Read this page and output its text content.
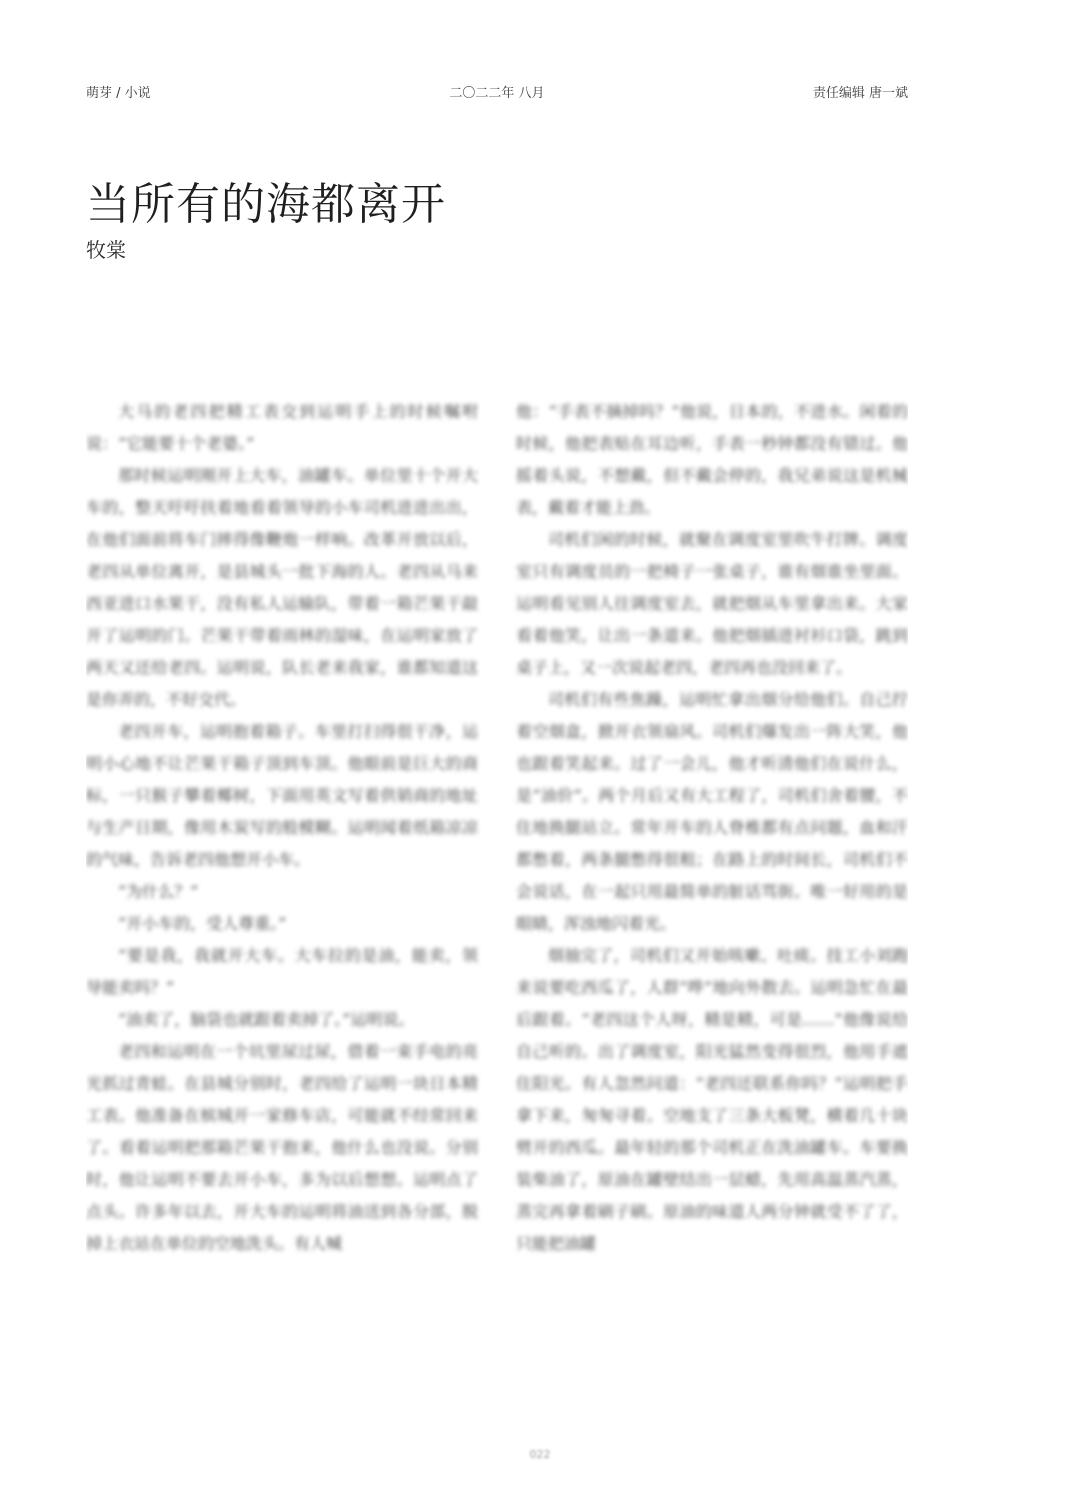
萌芽 / 小说	二〇二二年 八月	责任编辑 唐一斌
当所有的海都离开
牧棠

大马的老四把精工表交到运明手上的时候嘱咐说：“它能要十个老婆。”

那时候运明刚开上大车，油罐车。单位里十个开大车的，整天吁吁扶着地看着领导的小车司机进进出出，在他们面前将车门摔得像鞭炮一样响。改革开放以后，老四从单位离开，是县城头一批下海的人。老四从马来西亚进口水果干，没有私人运输队，带着一箱芒果干敲开了运明的门。芒果干带着雨林的湿味，在运明家放了两天又还给老四。运明说，队长老来我家，谁都知道这是你弄的，不好交代。

老四开车，运明抱着箱子。车里打扫得很干净，运明小心地不让芒果干箱子顶到车顶。他眼前是巨大的商标，一只猴子攀着椰树，下面用英文写着供销商的地址与生产日期，像用木炭写的般模糊。运明闻着纸箱凉凉的气味，告诉老四他想开小车。

“为什么？”

“开小车的，受人尊重。”

“要是我，我就开大车。大车拉的是油，能卖，领导能卖吗？”

“油卖了，脑袋也就跟着卖掉了。”运明说。

老四和运明在一个坑里尿过尿，借着一束手电的亮光抓过青蛙。在县城分别时，老四给了运明一块日本精工表。他准备在槟城开一家修车店，可能就不经常回来了。看着运明把那箱芒果干抱来，他什么也没说。分别时，他让运明不要去开小车，多为以后想想。运明点了点头。许多年以去，开大车的运明将油送到各分部，脱掉上衣站在单位的空地洗头。有人喊

他：“手表不摘掉吗？”他说，日本的，不进水。闲着的时候，他把表贴在耳边听，手表一秒钟都没有错过。他摇着头说，不想戴，但不戴会停的，我兄弟说这是机械表，戴着才能上劲。

司机们闲的时候，就聚在调度室里吹牛打牌。调度室只有调度员的一把椅子一张桌子，谁有烟谁坐里面。运明看见别人往调度室去，就把烟从车里拿出来。大家看着他笑，让出一条道来。他把烟插进衬衫口袋，跳到桌子上，又一次说起老四，老四再也没回来了。

司机们有些焦躁，运明忙拿出烟分给他们。自己拧着空烟盒，掀开衣领扇风。司机们爆发出一阵大笑，他也跟着笑起来。过了一会儿，他才听清他们在说什么，是“油价”。两个月后又有大工程了，司机们舍着腰，不住地换腿站立。常年开车的人脊椎都有点问题，血和汗都憋着，两条腿憋得很粗；在路上的时间长，司机们不会说话，在一起只用最简单的脏话骂街。唯一好用的是眼睛，浑浊地闪着光。

烟抽完了，司机们又开始咳嗽、吐痰。技工小刘跑来说要吃西瓜了，人群“哗”地向外散去。运明急忙在最后跟着。“老四这个人呀，精是精，可是……”他像说给自己听的。出了调度室，阳光猛然变得很烈，他用手遮住阳光。有人忽然问道：“老四还联系你吗？”运明把手拿下来，匆匆寻着。空地支了三条大板凳，横着几十块劈开的西瓜。最年轻的那个司机正在洗油罐车。车要换装柴油了，原油在罐壁结出一层蜡，先用高温蒸汽蒸，蒸完再拿着刷子刷。原油的味道人两分钟就受不了了，只能把油罐

022
